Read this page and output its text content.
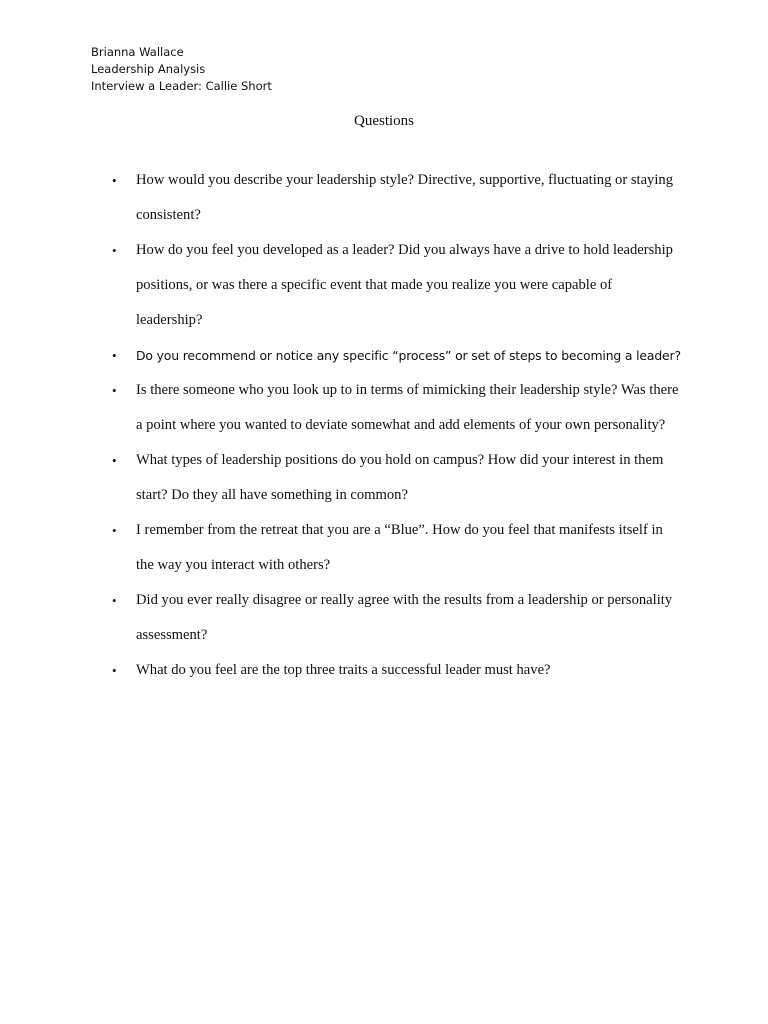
Brianna Wallace
Leadership Analysis
Interview a Leader: Callie Short
Questions
• How would you describe your leadership style? Directive, supportive, fluctuating or staying consistent?
• How do you feel you developed as a leader? Did you always have a drive to hold leadership positions, or was there a specific event that made you realize you were capable of leadership?
• Do you recommend or notice any specific “process” or set of steps to becoming a leader?
• Is there someone who you look up to in terms of mimicking their leadership style? Was there a point where you wanted to deviate somewhat and add elements of your own personality?
• What types of leadership positions do you hold on campus? How did your interest in them start? Do they all have something in common?
• I remember from the retreat that you are a “Blue”. How do you feel that manifests itself in the way you interact with others?
• Did you ever really disagree or really agree with the results from a leadership or personality assessment?
• What do you feel are the top three traits a successful leader must have?
